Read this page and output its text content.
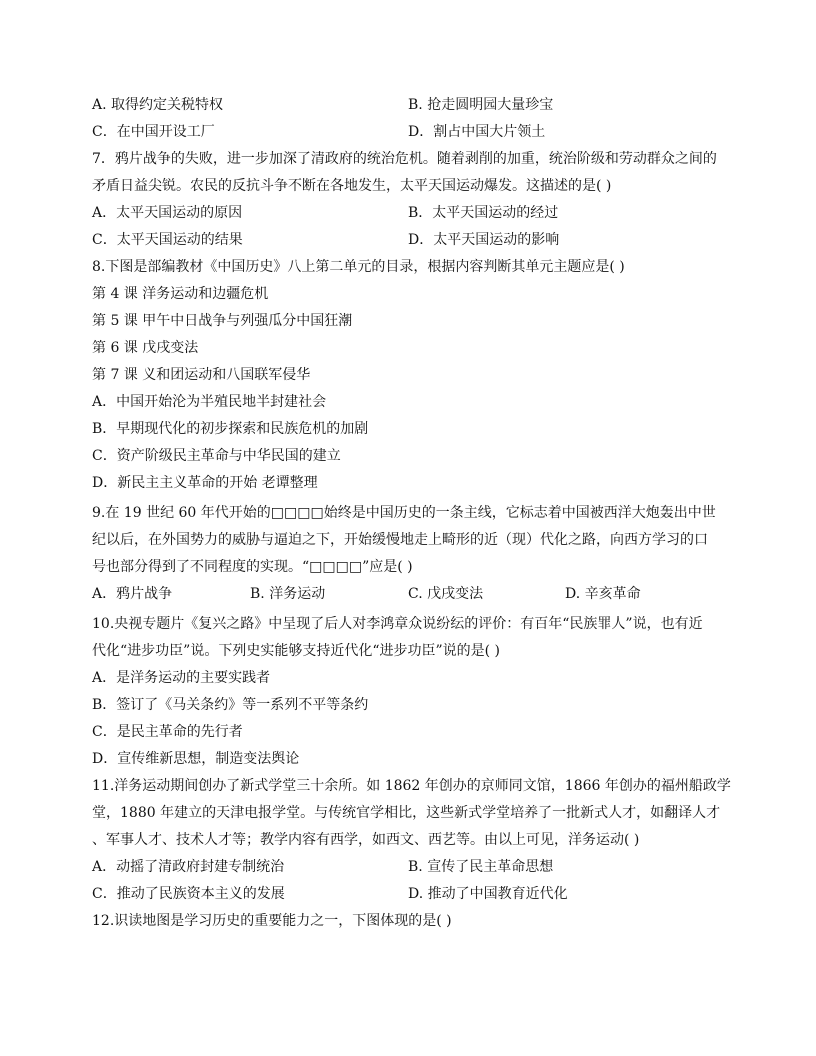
A. 取得约定关税特权	B. 抢走圆明园大量珍宝
C．在中国开设工厂	D．割占中国大片领土
7．鸦片战争的失败，进一步加深了清政府的统治危机。随着剥削的加重，统治阶级和劳动群众之间的
矛盾日益尖锐。农民的反抗斗争不断在各地发生，太平天国运动爆发。这描述的是( )
A．太平天国运动的原因	B．太平天国运动的经过
C．太平天国运动的结果	D．太平天国运动的影响
8.下图是部编教材《中国历史》八上第二单元的目录，根据内容判断其单元主题应是( )
第 4 课 洋务运动和边疆危机
第 5 课 甲午中日战争与列强瓜分中国狂潮
第 6 课 戊戌变法
第 7 课 义和团运动和八国联军侵华
A．中国开始沦为半殖民地半封建社会
B．早期现代化的初步探索和民族危机的加剧
C．资产阶级民主革命与中华民国的建立
D．新民主主义革命的开始 老谭整理
9.在 19 世纪 60 年代开始的□□□□始终是中国历史的一条主线，它标志着中国被西洋大炮轰出中世
纪以后，在外国势力的威胁与逼迫之下，开始缓慢地走上畸形的近（现）代化之路，向西方学习的口
号也部分得到了不同程度的实现。“□□□□”应是( )
A．鸦片战争	B. 洋务运动	C. 戊戌变法	D. 辛亥革命
10.央视专题片《复兴之路》中呈现了后人对李鸿章众说纷纭的评价：有百年“民族罪人”说，也有近
代化“进步功臣”说。下列史实能够支持近代化“进步功臣”说的是( )
A．是洋务运动的主要实践者
B．签订了《马关条约》等一系列不平等条约
C．是民主革命的先行者
D．宣传维新思想，制造变法舆论
11.洋务运动期间创办了新式学堂三十余所。如 1862 年创办的京师同文馆，1866 年创办的福州船政学
堂，1880 年建立的天津电报学堂。与传统官学相比，这些新式学堂培养了一批新式人才，如翻译人才
、军事人才、技术人才等；教学内容有西学，如西文、西艺等。由以上可见，洋务运动( )
A．动摇了清政府封建专制统治	B. 宣传了民主革命思想
C．推动了民族资本主义的发展	D. 推动了中国教育近代化
12.识读地图是学习历史的重要能力之一，下图体现的是( )
